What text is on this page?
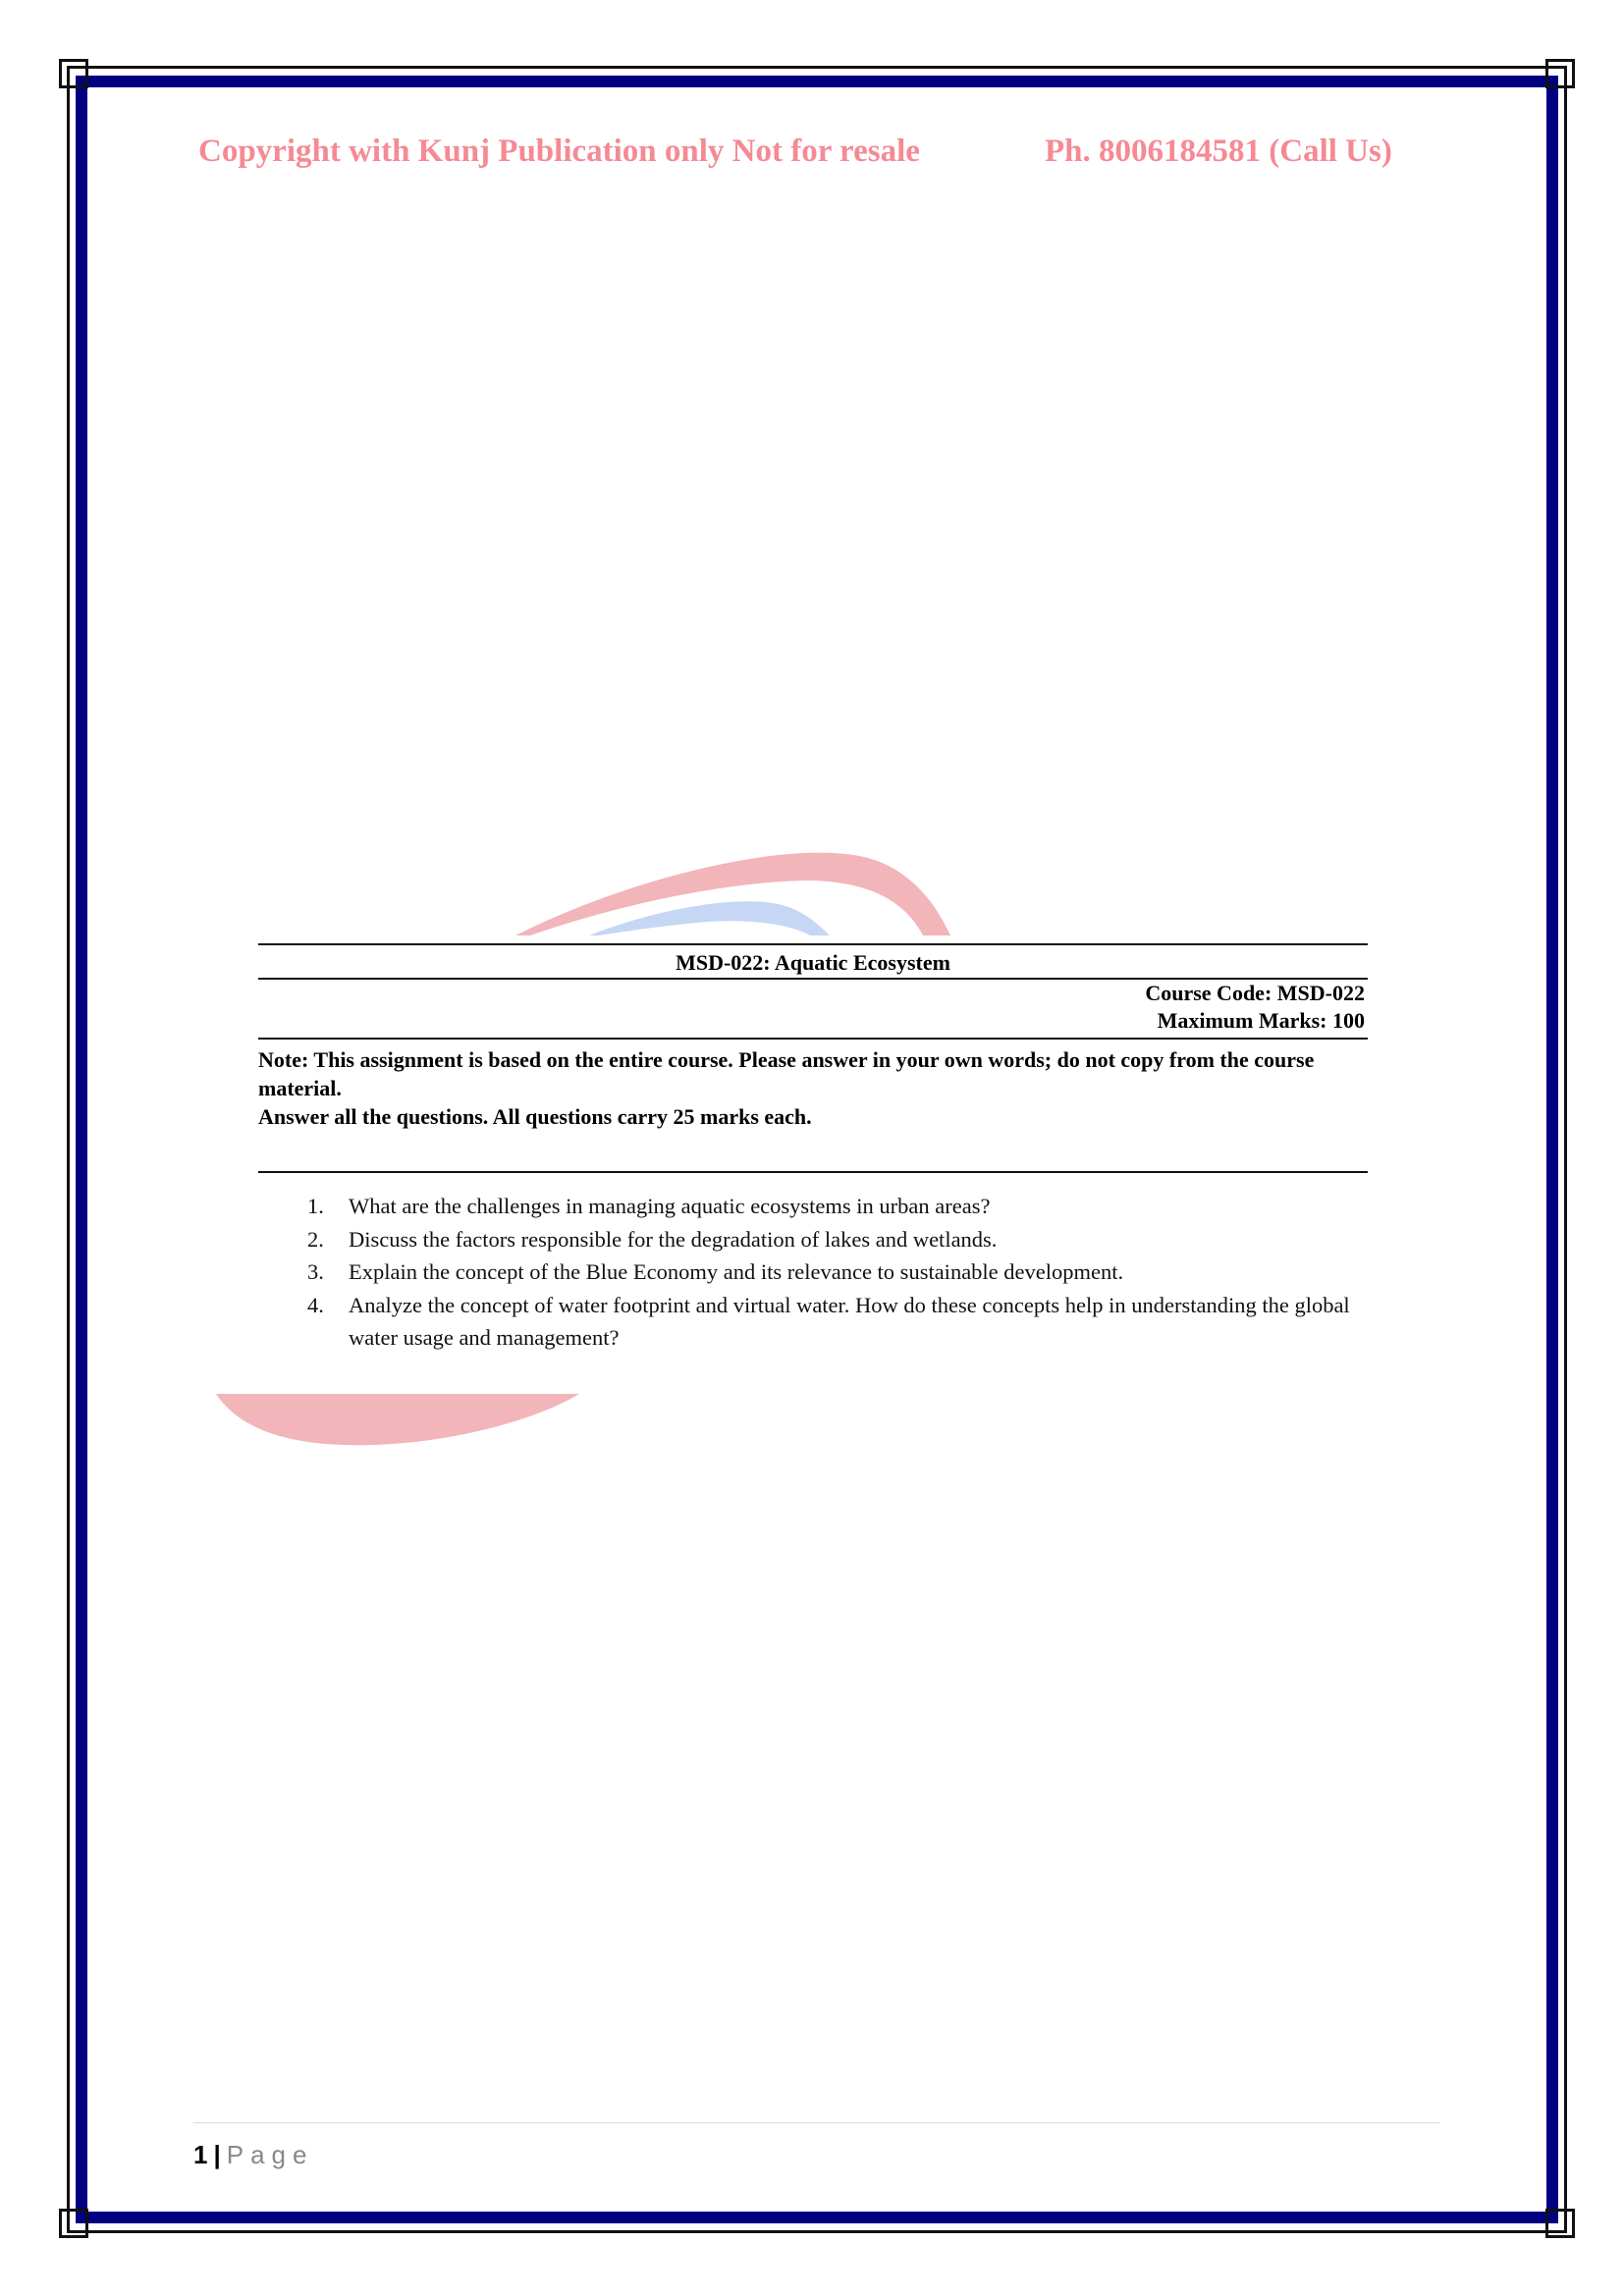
Copyright with Kunj Publication only Not for resale	Ph. 8006184581 (Call Us)
MSD-022: Aquatic Ecosystem
Course Code: MSD-022
Maximum Marks: 100
Note: This assignment is based on the entire course. Please answer in your own words; do not copy from the course material.
Answer all the questions. All questions carry 25 marks each.
1.	What are the challenges in managing aquatic ecosystems in urban areas?
2.	Discuss the factors responsible for the degradation of lakes and wetlands.
3.	Explain the concept of the Blue Economy and its relevance to sustainable development.
4.	Analyze the concept of water footprint and virtual water. How do these concepts help in understanding the global water usage and management?
1 | Page
